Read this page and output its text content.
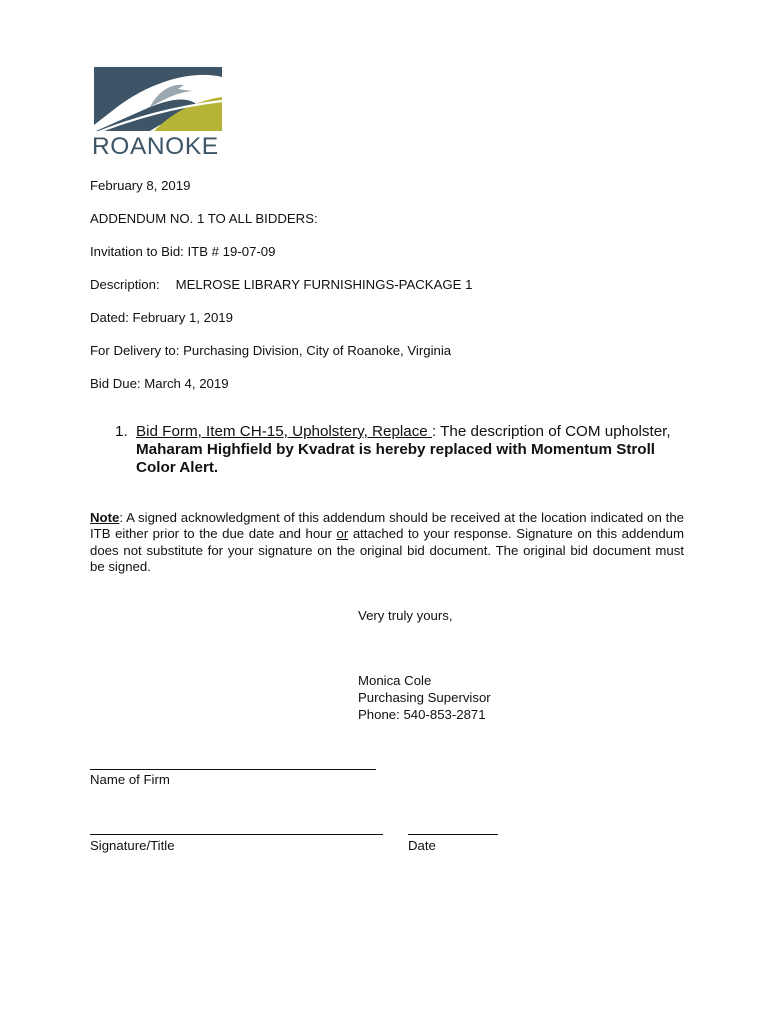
ROANOKE
February 8, 2019
ADDENDUM NO. 1 TO ALL BIDDERS:
Invitation to Bid: ITB # 19-07-09
Description: MELROSE LIBRARY FURNISHINGS-PACKAGE 1
Dated: February 1, 2019
For Delivery to: Purchasing Division, City of Roanoke, Virginia
Bid Due: March 4, 2019
1. Bid Form, Item CH-15, Upholstery, Replace : The description of COM upholster, Maharam Highfield by Kvadrat is hereby replaced with Momentum Stroll Color Alert.
Note: A signed acknowledgment of this addendum should be received at the location indicated on the ITB either prior to the due date and hour or attached to your response. Signature on this addendum does not substitute for your signature on the original bid document. The original bid document must be signed.
Very truly yours,
Monica Cole
Purchasing Supervisor
Phone: 540-853-2871
Name of Firm
Signature/Title	Date
